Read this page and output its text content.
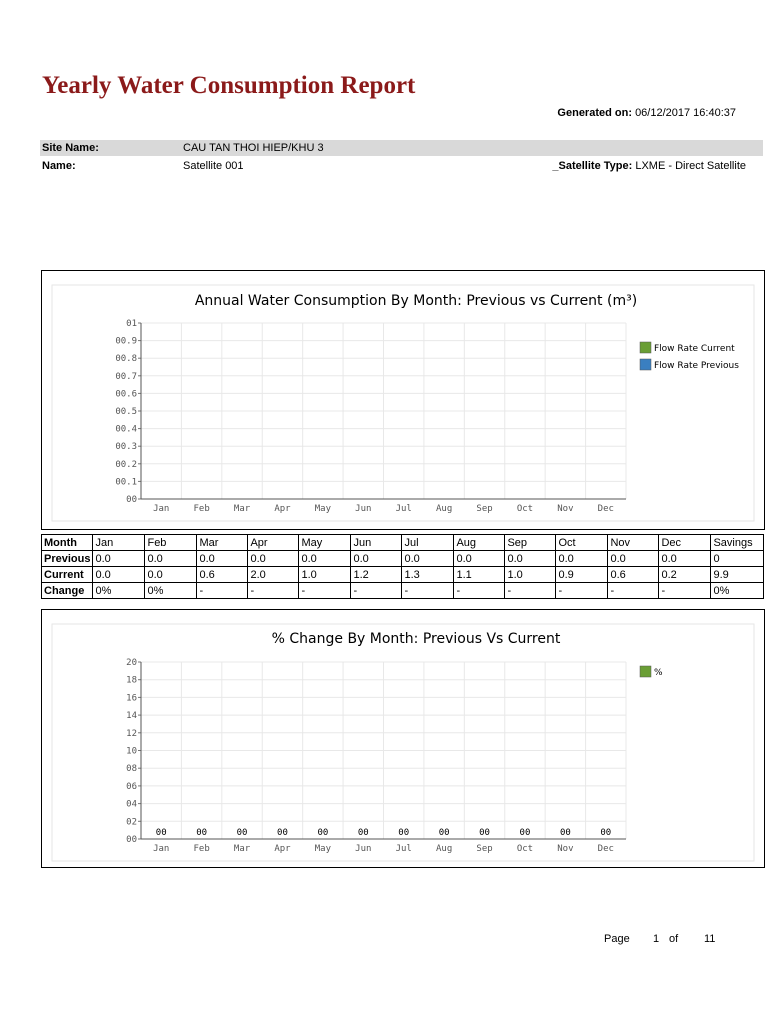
Yearly Water Consumption Report
Generated on: 06/12/2017 16:40:37
Site Name:	CAU TAN THOI HIEP/KHU 3
Name:	Satellite 001	_Satellite Type: LXME - Direct Satellite
Annual Water Consumption By Month: Previous vs Current (m³)
00
00.1
00.2
00.3
00.4
00.5
00.6
00.7
00.8
00.9
01
Jan	Feb	Mar	Apr	May	Jun	Jul	Aug	Sep	Oct	Nov	Dec
Flow Rate Current
Flow Rate Previous
Month	Jan	Feb	Mar	Apr	May	Jun	Jul	Aug	Sep	Oct	Nov	Dec	Savings
Previous	0.0	0.0	0.0	0.0	0.0	0.0	0.0	0.0	0.0	0.0	0.0	0.0	0
Current	0.0	0.0	0.6	2.0	1.0	1.2	1.3	1.1	1.0	0.9	0.6	0.2	9.9
Change	0%	0%	-	-	-	-	-	-	-	-	-	-	0%
% Change By Month: Previous Vs Current
00
02
04
06
08
10
12
14
16
18
20
Jan
00
Feb
00
Mar
00
Apr
00
May
00
Jun
00
Jul
00
Aug
00
Sep
00
Oct
00
Nov
00
Dec
00
%
Page 1 of 11
